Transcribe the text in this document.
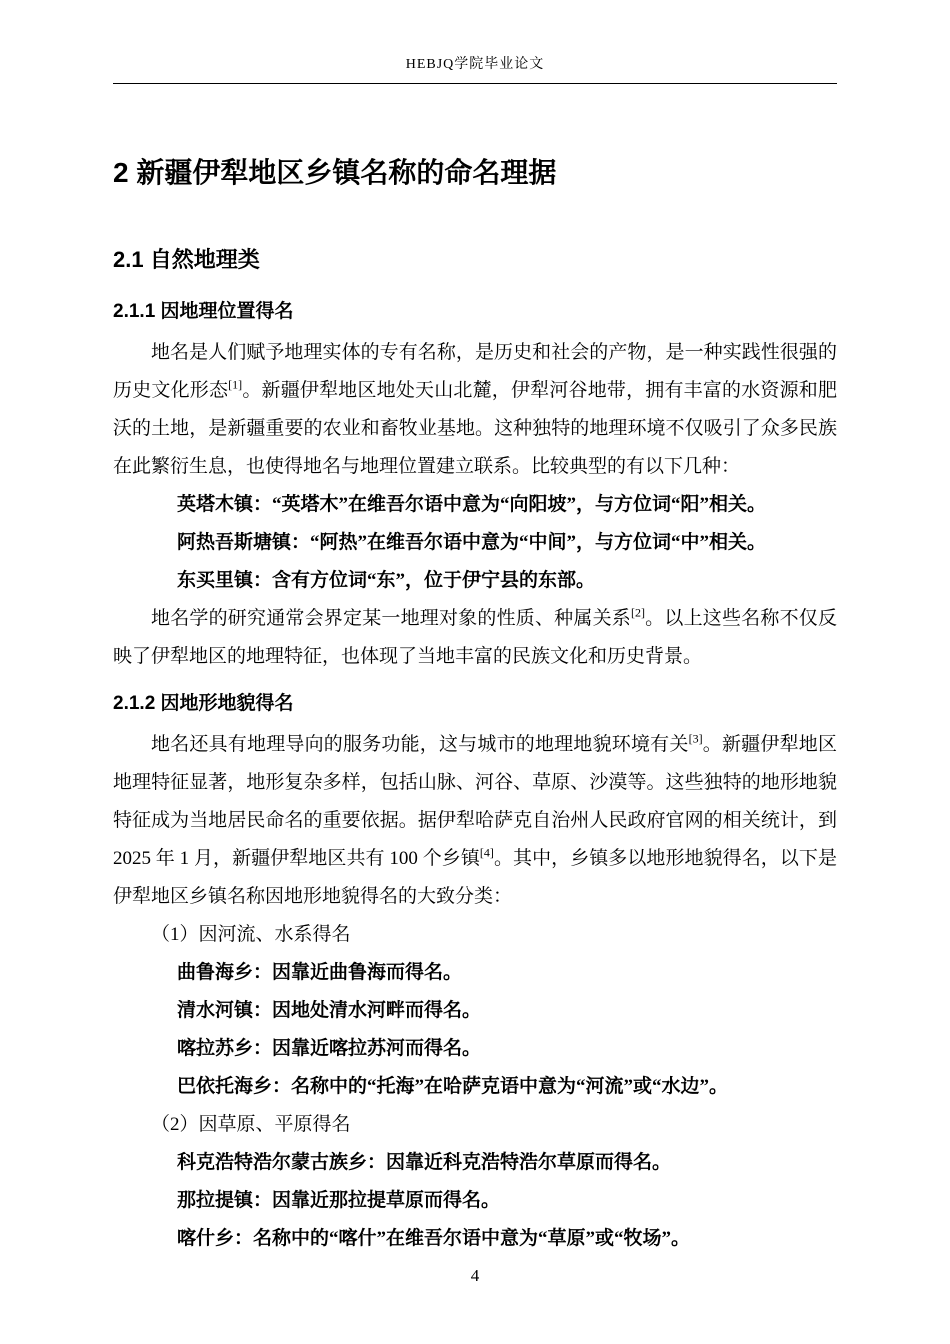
HEBJQ学院毕业论文
2 新疆伊犁地区乡镇名称的命名理据
2.1 自然地理类
2.1.1 因地理位置得名

地名是人们赋予地理实体的专有名称，是历史和社会的产物，是一种实践性很强的历史文化形态[1]。新疆伊犁地区地处天山北麓，伊犁河谷地带，拥有丰富的水资源和肥沃的土地，是新疆重要的农业和畜牧业基地。这种独特的地理环境不仅吸引了众多民族在此繁衍生息，也使得地名与地理位置建立联系。比较典型的有以下几种：

英塔木镇：“英塔木”在维吾尔语中意为“向阳坡”，与方位词“阳”相关。

阿热吾斯塘镇：“阿热”在维吾尔语中意为“中间”，与方位词“中”相关。

东买里镇：含有方位词“东”，位于伊宁县的东部。

地名学的研究通常会界定某一地理对象的性质、种属关系[2]。以上这些名称不仅反映了伊犁地区的地理特征，也体现了当地丰富的民族文化和历史背景。

2.1.2 因地形地貌得名

地名还具有地理导向的服务功能，这与城市的地理地貌环境有关[3]。新疆伊犁地区地理特征显著，地形复杂多样，包括山脉、河谷、草原、沙漠等。这些独特的地形地貌特征成为当地居民命名的重要依据。据伊犁哈萨克自治州人民政府官网的相关统计，到 2025 年 1 月，新疆伊犁地区共有 100 个乡镇[4]。其中，乡镇多以地形地貌得名，以下是伊犁地区乡镇名称因地形地貌得名的大致分类：

（1）因河流、水系得名

曲鲁海乡：因靠近曲鲁海而得名。

清水河镇：因地处清水河畔而得名。

喀拉苏乡：因靠近喀拉苏河而得名。

巴依托海乡：名称中的“托海”在哈萨克语中意为“河流”或“水边”。

（2）因草原、平原得名

科克浩特浩尔蒙古族乡：因靠近科克浩特浩尔草原而得名。

那拉提镇：因靠近那拉提草原而得名。

喀什乡：名称中的“喀什”在维吾尔语中意为“草原”或“牧场”。

4
